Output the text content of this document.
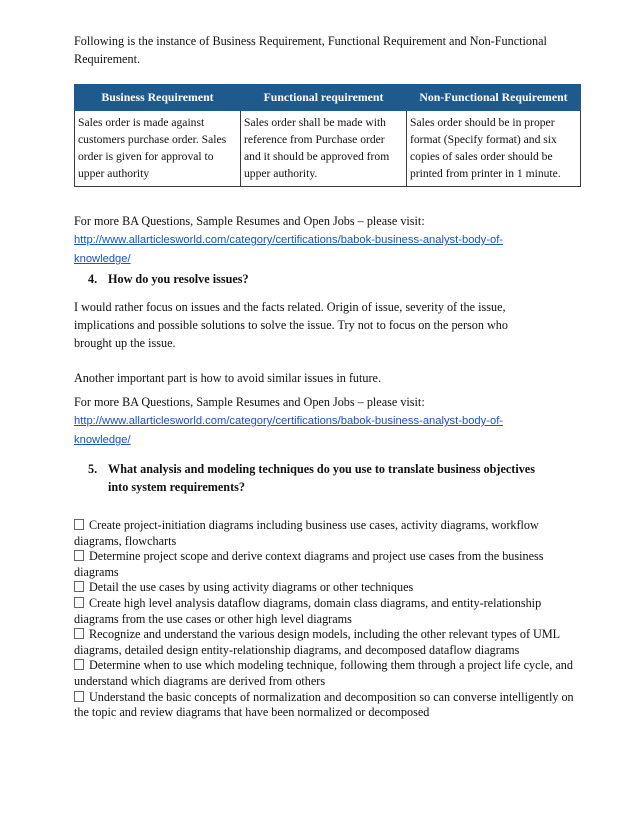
Following is the instance of Business Requirement, Functional Requirement and Non-Functional Requirement.

Business Requirement	Functional requirement	Non-Functional Requirement
Sales order is made against customers purchase order. Sales order is given for approval to upper authority	Sales order shall be made with reference from Purchase order and it should be approved from upper authority.	Sales order should be in proper format (Specify format) and six copies of sales order should be printed from printer in 1 minute.

For more BA Questions, Sample Resumes and Open Jobs – please visit:

http://www.allarticlesworld.com/category/certifications/babok-business-analyst-body-of-
knowledge/

4. How do you resolve issues?

I would rather focus on issues and the facts related. Origin of issue, severity of the issue, implications and possible solutions to solve the issue. Try not to focus on the person who brought up the issue.

Another important part is how to avoid similar issues in future.

For more BA Questions, Sample Resumes and Open Jobs – please visit:

http://www.allarticlesworld.com/category/certifications/babok-business-analyst-body-of-
knowledge/

5. What analysis and modeling techniques do you use to translate business objectives

into system requirements?

Create project-initiation diagrams including business use cases, activity diagrams, workflow diagrams, flowcharts

Determine project scope and derive context diagrams and project use cases from the business diagrams

Detail the use cases by using activity diagrams or other techniques

Create high level analysis dataflow diagrams, domain class diagrams, and entity-relationship diagrams from the use cases or other high level diagrams

Recognize and understand the various design models, including the other relevant types of UML diagrams, detailed design entity-relationship diagrams, and decomposed dataflow diagrams

Determine when to use which modeling technique, following them through a project life cycle, and understand which diagrams are derived from others

Understand the basic concepts of normalization and decomposition so can converse intelligently on the topic and review diagrams that have been normalized or decomposed
